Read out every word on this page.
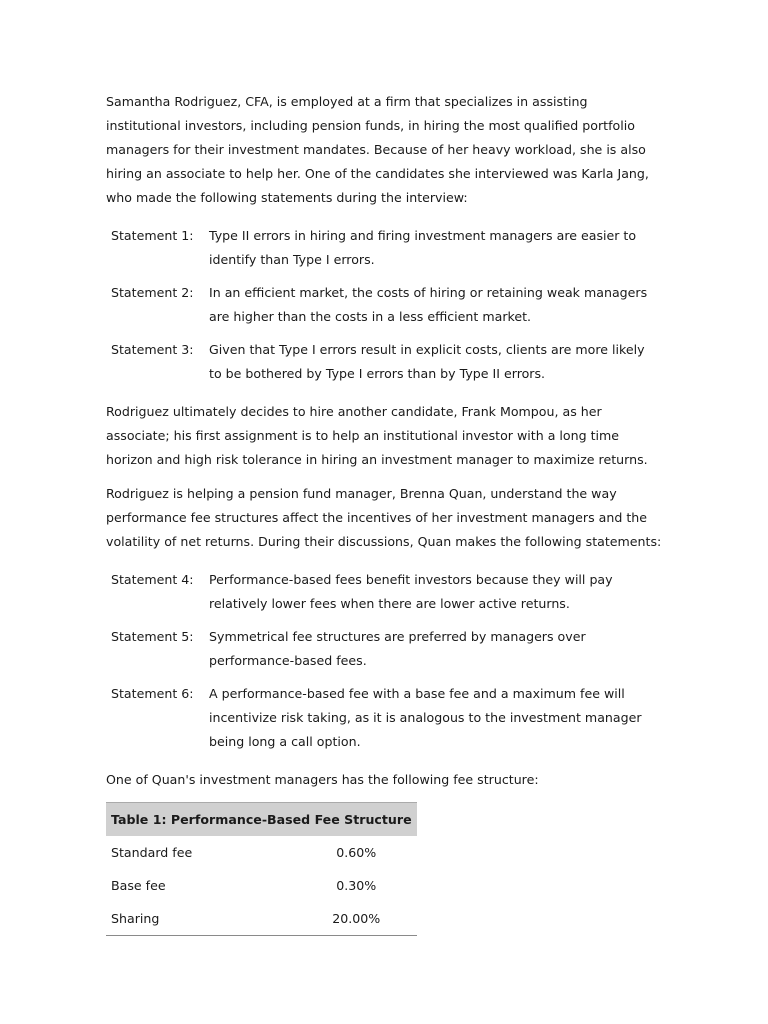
Samantha Rodriguez, CFA, is employed at a firm that specializes in assisting institutional investors, including pension funds, in hiring the most qualified portfolio managers for their investment mandates. Because of her heavy workload, she is also hiring an associate to help her. One of the candidates she interviewed was Karla Jang, who made the following statements during the interview:

Statement 1:	Type II errors in hiring and firing investment managers are easier to identify than Type I errors.
Statement 2:	In an efficient market, the costs of hiring or retaining weak managers are higher than the costs in a less efficient market.
Statement 3:	Given that Type I errors result in explicit costs, clients are more likely to be bothered by Type I errors than by Type II errors.

Rodriguez ultimately decides to hire another candidate, Frank Mompou, as her associate; his first assignment is to help an institutional investor with a long time horizon and high risk tolerance in hiring an investment manager to maximize returns.

Rodriguez is helping a pension fund manager, Brenna Quan, understand the way performance fee structures affect the incentives of her investment managers and the volatility of net returns. During their discussions, Quan makes the following statements:

Statement 4:	Performance-based fees benefit investors because they will pay relatively lower fees when there are lower active returns.
Statement 5:	Symmetrical fee structures are preferred by managers over performance-based fees.
Statement 6:	A performance-based fee with a base fee and a maximum fee will incentivize risk taking, as it is analogous to the investment manager being long a call option.

One of Quan's investment managers has the following fee structure:

Table 1: Performance-Based Fee Structure	
Standard fee	0.60%
Base fee	0.30%
Sharing	20.00%
